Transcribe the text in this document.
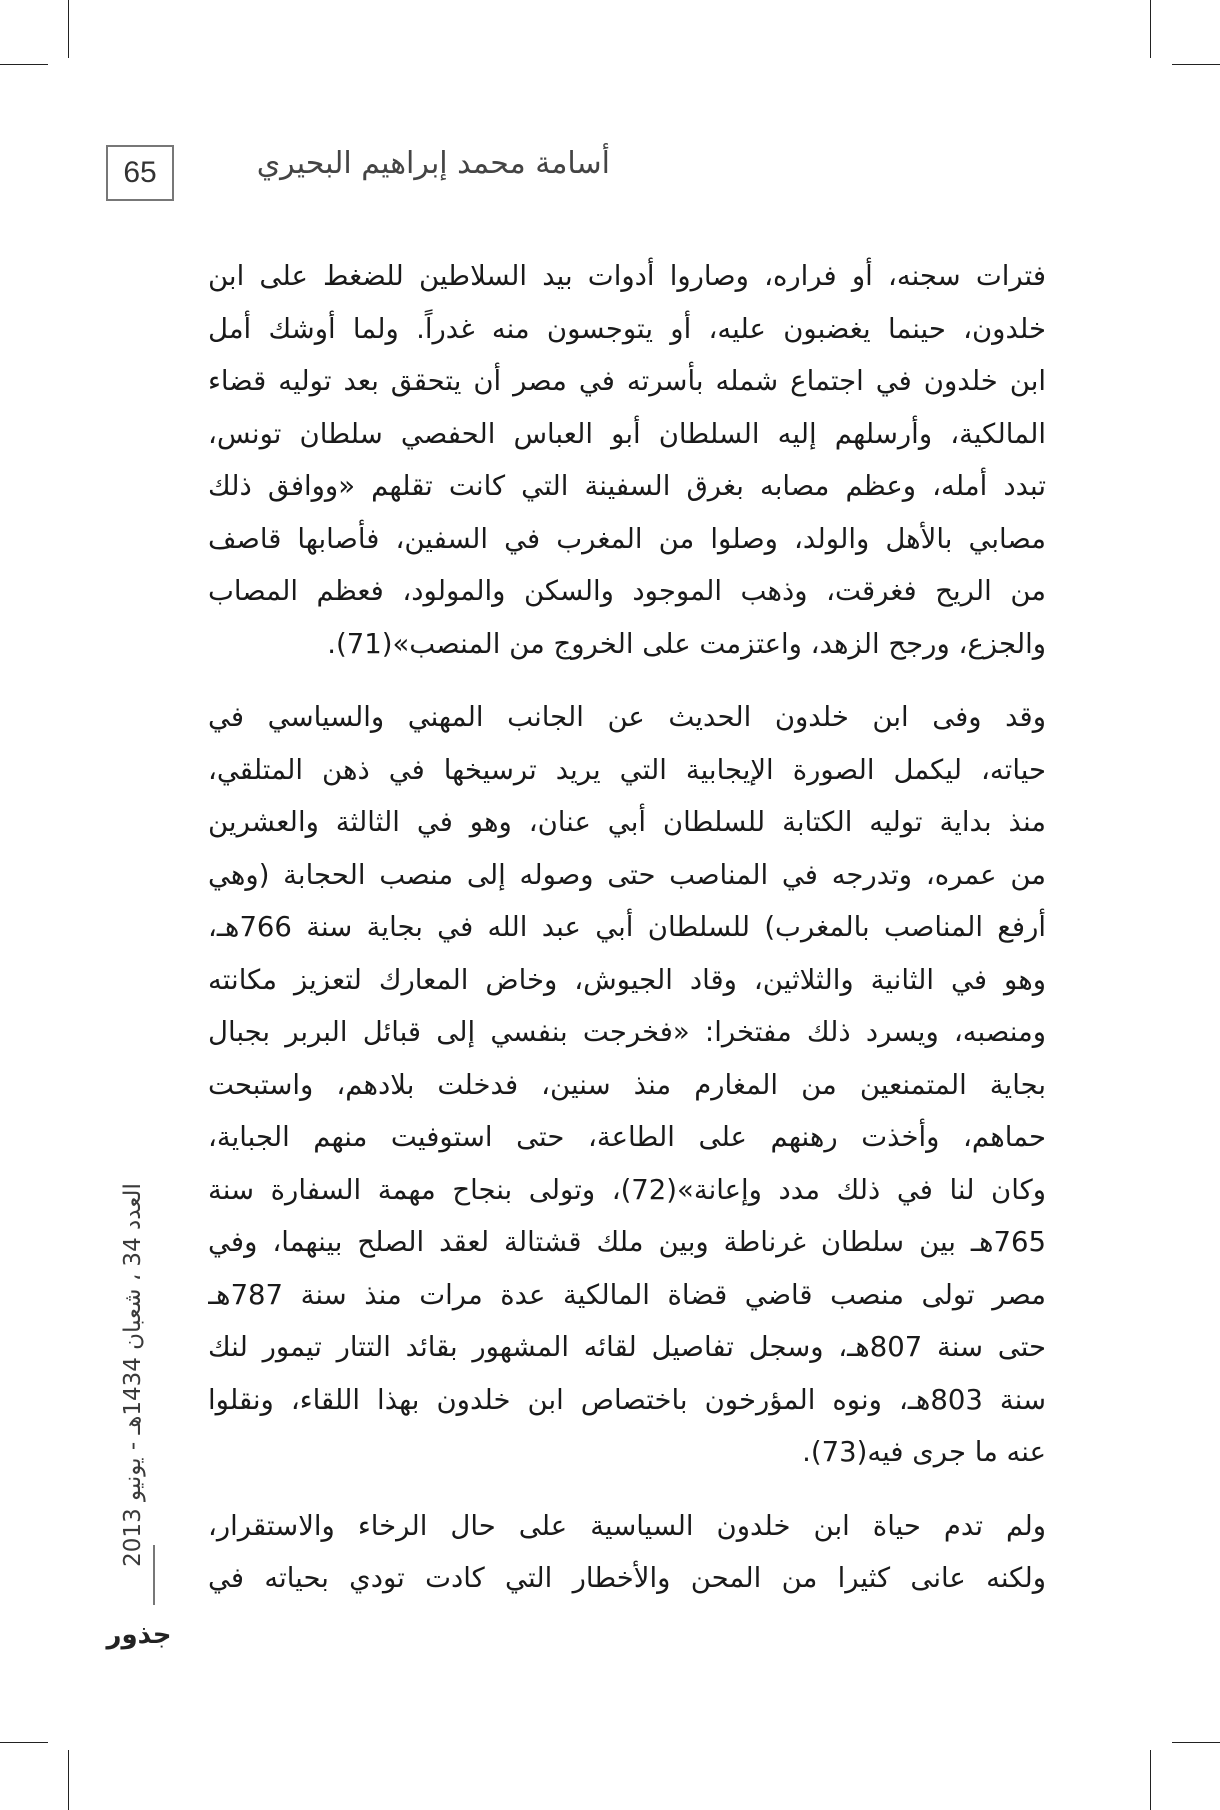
65	أسامة محمد إبراهيم البحيري
فترات سجنه، أو فراره، وصاروا أدوات بيد السلاطين للضغط على ابن
خلدون، حينما يغضبون عليه، أو يتوجسون منه غدراً. ولما أوشك أمل
ابن خلدون في اجتماع شمله بأسرته في مصر أن يتحقق بعد توليه قضاء
المالكية، وأرسلهم إليه السلطان أبو العباس الحفصي سلطان تونس،
تبدد أمله، وعظم مصابه بغرق السفينة التي كانت تقلهم «ووافق ذلك
مصابي بالأهل والولد، وصلوا من المغرب في السفين، فأصابها قاصف
من الريح فغرقت، وذهب الموجود والسكن والمولود، فعظم المصاب
والجزع، ورجح الزهد، واعتزمت على الخروج من المنصب»(71).
وقد وفى ابن خلدون الحديث عن الجانب المهني والسياسي في
حياته، ليكمل الصورة الإيجابية التي يريد ترسيخها في ذهن المتلقي،
منذ بداية توليه الكتابة للسلطان أبي عنان، وهو في الثالثة والعشرين
من عمره، وتدرجه في المناصب حتى وصوله إلى منصب الحجابة (وهي
أرفع المناصب بالمغرب) للسلطان أبي عبد الله في بجاية سنة 766هـ،
وهو في الثانية والثلاثين، وقاد الجيوش، وخاض المعارك لتعزيز مكانته
ومنصبه، ويسرد ذلك مفتخرا: «فخرجت بنفسي إلى قبائل البربر بجبال
بجاية المتمنعين من المغارم منذ سنين، فدخلت بلادهم، واستبحت
حماهم، وأخذت رهنهم على الطاعة، حتى استوفيت منهم الجباية،
وكان لنا في ذلك مدد وإعانة»(72)، وتولى بنجاح مهمة السفارة سنة
765هـ بين سلطان غرناطة وبين ملك قشتالة لعقد الصلح بينهما، وفي
مصر تولى منصب قاضي قضاة المالكية عدة مرات منذ سنة 787هـ
حتى سنة 807هـ، وسجل تفاصيل لقائه المشهور بقائد التتار تيمور لنك
سنة 803هـ، ونوه المؤرخون باختصاص ابن خلدون بهذا اللقاء، ونقلوا
عنه ما جرى فيه(73).
ولم تدم حياة ابن خلدون السياسية على حال الرخاء والاستقرار،
ولكنه عانى كثيرا من المحن والأخطار التي كادت تودي بحياته في
العدد 34 ، شعبان 1434هـ - يونيو 2013
جذور
